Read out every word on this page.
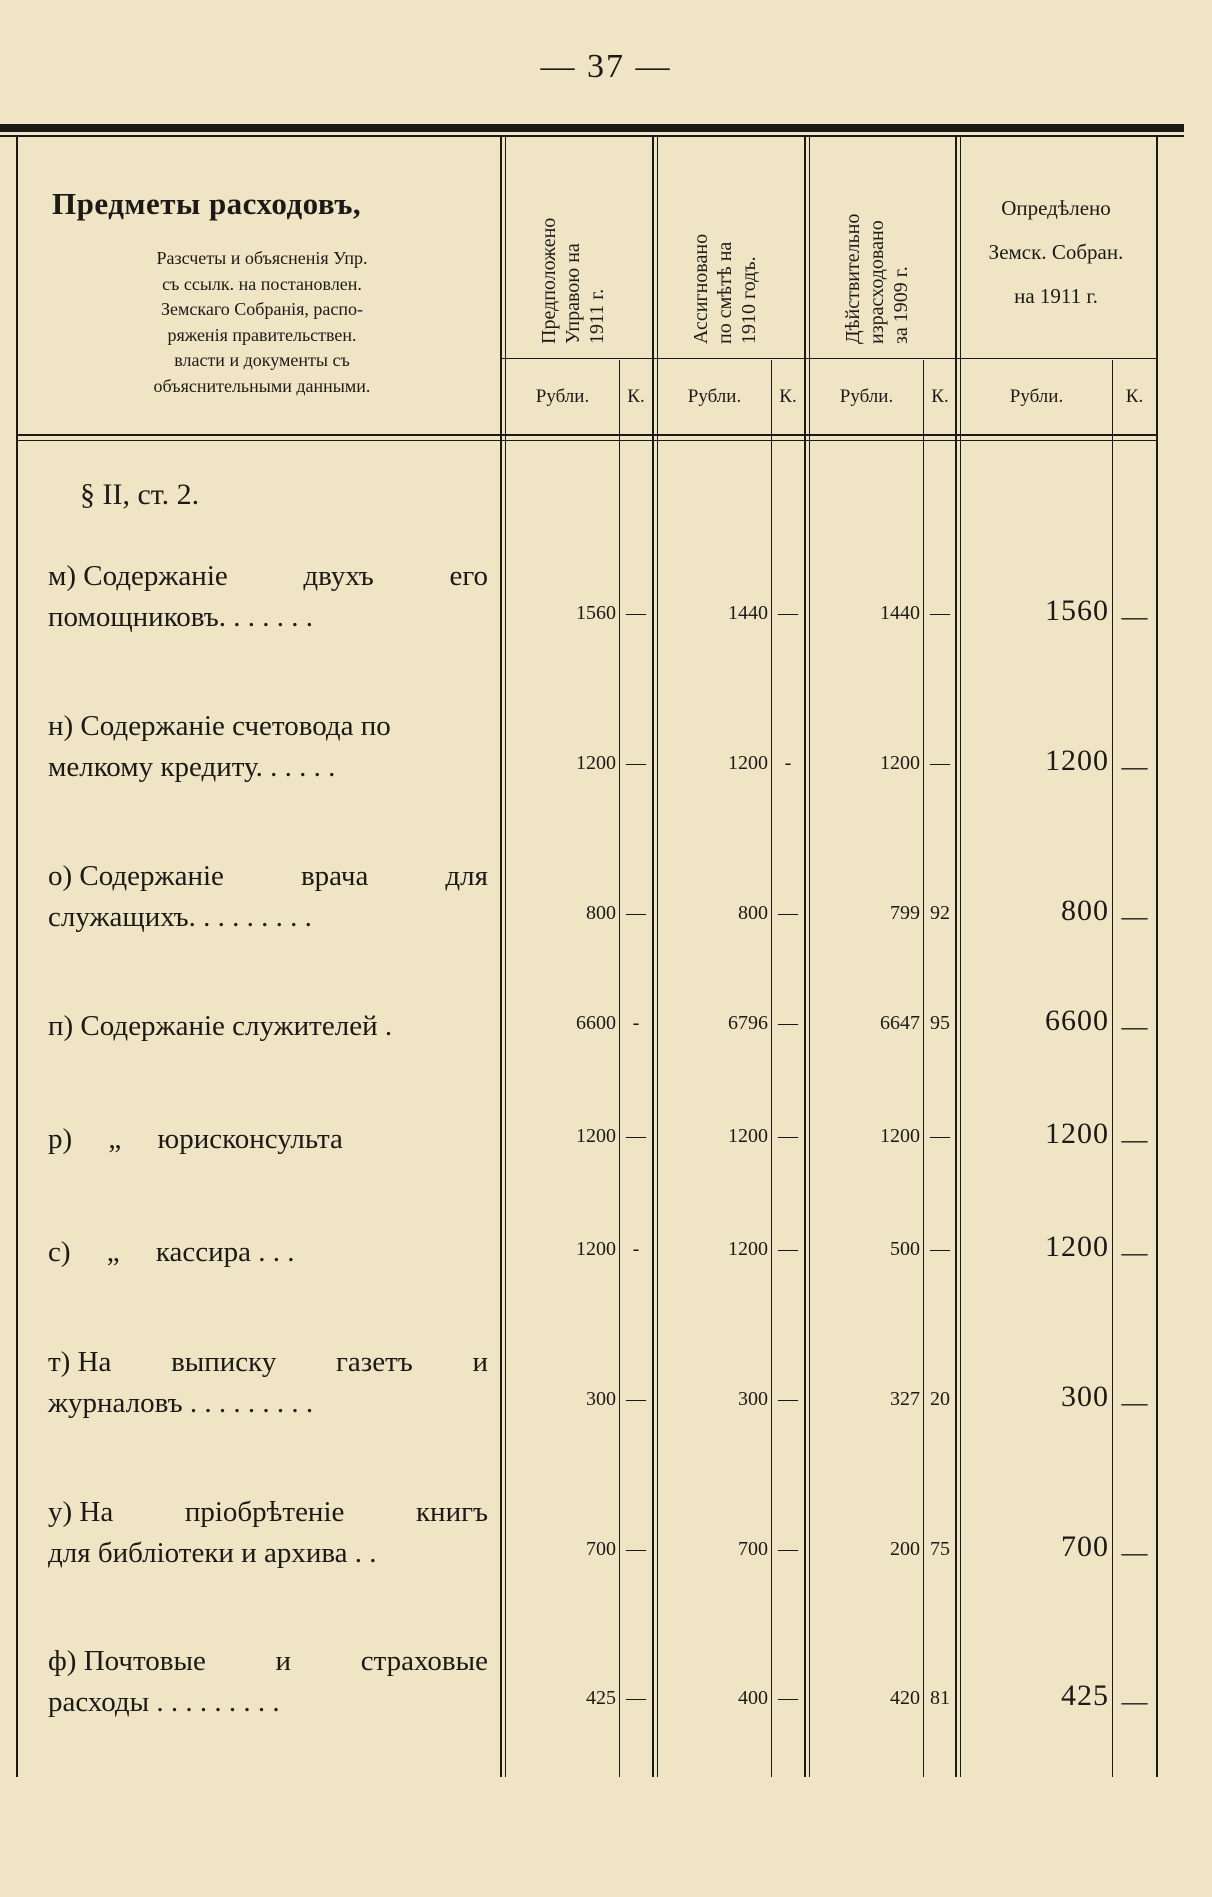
— 37 —
Предметы расходовъ,
Разсчеты и объясненія Упр.
съ ссылк. на постановлен.
Земскаго Собранія, распо-
ряженія правительствен.
власти и документы съ
объяснительными данными.
Предположено Управою на 1911 г.	Ассигновано по смѣтѣ на 1910 годъ.	Дѣйствительно израсходовано за 1909 г.
Опредѣлено
Земск. Собран.
на 1911 г.
Рубли.	К.	Рубли.	К.	Рубли.	К.	Рубли.	К.
§ II, ст. 2.
м) Содержаніе	двухъ	его
помощниковъ. . . . . . .	1560 —	1440 —	1440 —	1560 —
н) Содержаніе счетовода по
мелкому кредиту. . . . . .	1200 —	1200 -	1200 —	1200 —
о) Содержаніе	врача	для
служащихъ. . . . . . . . .	800 —	800 —	799 92	800 —
п) Содержаніе служителей .	6600 -	6796 —	6647 95	6600 —
р)     „     юрисконсульта	1200 —	1200 —	1200 —	1200 —
с)     „     кассира . . .	1200 -	1200 —	500 —	1200 —
т) На выписку газетъ и
журналовъ . . . . . . . . .	300 —	300 —	327 20	300 —
у) На пріобрѣтеніе книгъ
для библіотеки и архива . .	700 —	700 —	200 75	700 —
ф) Почтовые и страховые
расходы . . . . . . . . .	425 —	400 —	420 81	425 —
